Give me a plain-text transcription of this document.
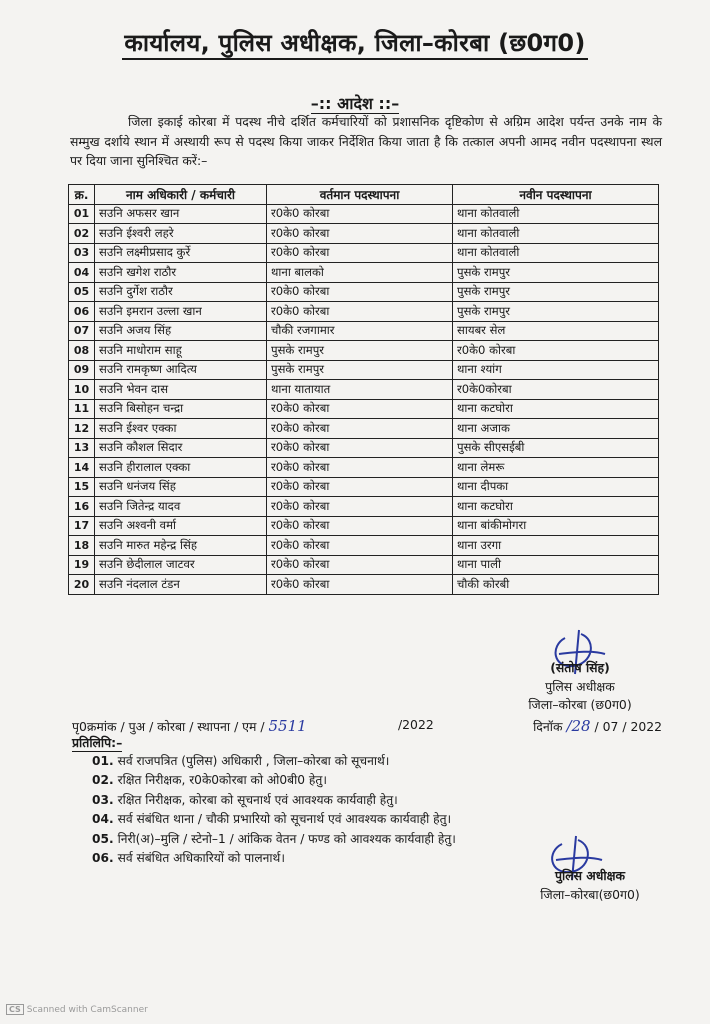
कार्यालय, पुलिस अधीक्षक, जिला–कोरबा (छ0ग0)
–:: आदेश ::–
जिला इकाई कोरबा में पदस्थ नीचे दर्शित कर्मचारियों को प्रशासनिक दृष्टिकोण से अग्रिम आदेश पर्यन्त उनके नाम के सम्मुख दर्शाये स्थान में अस्थायी रूप से पदस्थ किया जाकर निर्देशित किया जाता है कि तत्काल अपनी आमद नवीन पदस्थापना स्थल पर दिया जाना सुनिश्चित करें:–
क्र.	नाम अधिकारी / कर्मचारी	वर्तमान पदस्थापना	नवीन पदस्थापना
01	सउनि अफसर खान	र0के0 कोरबा	थाना कोतवाली
02	सउनि ईश्वरी लहरे	र0के0 कोरबा	थाना कोतवाली
03	सउनि लक्ष्मीप्रसाद कुर्रे	र0के0 कोरबा	थाना कोतवाली
04	सउनि खगेश राठौर	थाना बालको	पुसके रामपुर
05	सउनि दुर्गेश राठौर	र0के0 कोरबा	पुसके रामपुर
06	सउनि इमरान उल्ला खान	र0के0 कोरबा	पुसके रामपुर
07	सउनि अजय सिंह	चौकी रजगामार	सायबर सेल
08	सउनि माधोराम साहू	पुसके रामपुर	र0के0 कोरबा
09	सउनि रामकृष्ण आदित्य	पुसके रामपुर	थाना श्यांग
10	सउनि भेवन दास	थाना यातायात	र0के0कोरबा
11	सउनि बिसोहन चन्द्रा	र0के0 कोरबा	थाना कटघोरा
12	सउनि ईश्वर एक्का	र0के0 कोरबा	थाना अजाक
13	सउनि कौशल सिदार	र0के0 कोरबा	पुसके सीएसईबी
14	सउनि हीरालाल एक्का	र0के0 कोरबा	थाना लेमरू
15	सउनि धनंजय सिंह	र0के0 कोरबा	थाना दीपका
16	सउनि जितेन्द्र यादव	र0के0 कोरबा	थाना कटघोरा
17	सउनि अश्वनी वर्मा	र0के0 कोरबा	थाना बांकीमोगरा
18	सउनि मारुत महेन्द्र सिंह	र0के0 कोरबा	थाना उरगा
19	सउनि छेदीलाल जाटवर	र0के0 कोरबा	थाना पाली
20	सउनि नंदलाल टंडन	र0के0 कोरबा	चौकी कोरबी
(संतोष सिंह)
पुलिस अधीक्षक
जिला–कोरबा (छ0ग0)
पृ0क्रमांक / पुअ / कोरबा / स्थापना / एम / 5511	/2022	दिनॉक /28 / 07 / 2022
प्रतिलिपि:–
01. सर्व राजपत्रित (पुलिस) अधिकारी , जिला–कोरबा को सूचनार्थ।
02. रक्षित निरीक्षक, र0के0कोरबा को ओ0बी0 हेतु।
03. रक्षित निरीक्षक, कोरबा को सूचनार्थ एवं आवश्यक कार्यवाही हेतु।
04. सर्व संबंधित थाना / चौकी प्रभारियो को सूचनार्थ एवं आवश्यक कार्यवाही हेतु।
05. निरी(अ)–मुलि / स्टेनो–1 / आंकिक वेतन / फण्ड को आवश्यक कार्यवाही हेतु।
06. सर्व संबंधित अधिकारियों को पालनार्थ।
पुलिस अधीक्षक
जिला–कोरबा(छ0ग0)
CS Scanned with CamScanner
